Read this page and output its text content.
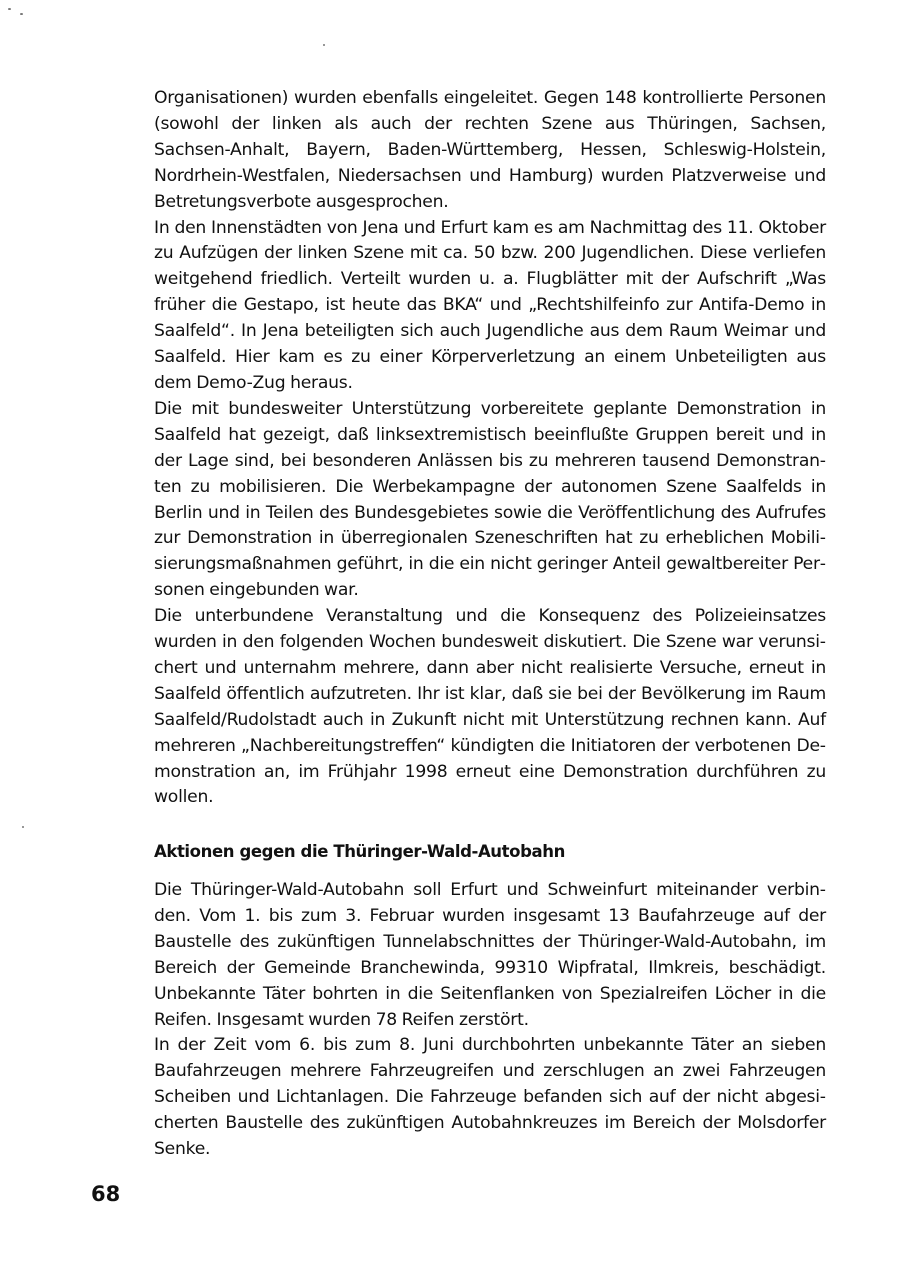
Organisationen) wurden ebenfalls eingeleitet. Gegen 148 kontrollierte Personen (sowohl der linken als auch der rechten Szene aus Thüringen, Sachsen, Sachsen-Anhalt, Bayern, Baden-Württemberg, Hessen, Schleswig-Holstein, Nordrhein-Westfalen, Niedersachsen und Hamburg) wurden Platzverweise und Betretungsverbote ausgesprochen.

In den Innenstädten von Jena und Erfurt kam es am Nachmittag des 11. Oktober zu Aufzügen der linken Szene mit ca. 50 bzw. 200 Jugendlichen. Diese verliefen weitgehend friedlich. Verteilt wurden u. a. Flugblätter mit der Aufschrift „Was früher die Gestapo, ist heute das BKA“ und „Rechtshilfeinfo zur Antifa-Demo in Saalfeld“. In Jena beteiligten sich auch Jugendliche aus dem Raum Weimar und Saalfeld. Hier kam es zu einer Körperverletzung an einem Unbeteiligten aus dem Demo-Zug heraus.

Die mit bundesweiter Unterstützung vorbereitete geplante Demonstration in Saalfeld hat gezeigt, daß linksextremistisch beeinflußte Gruppen bereit und in der Lage sind, bei besonderen Anlässen bis zu mehreren tausend Demonstranten zu mobilisieren. Die Werbekampagne der autonomen Szene Saalfelds in Berlin und in Teilen des Bundesgebietes sowie die Veröffentlichung des Aufrufes zur Demonstration in überregionalen Szeneschriften hat zu erheblichen Mobilisierungsmaßnahmen geführt, in die ein nicht geringer Anteil gewaltbereiter Personen eingebunden war.

Die unterbundene Veranstaltung und die Konsequenz des Polizeieinsatzes wurden in den folgenden Wochen bundesweit diskutiert. Die Szene war verunsichert und unternahm mehrere, dann aber nicht realisierte Versuche, erneut in Saalfeld öffentlich aufzutreten. Ihr ist klar, daß sie bei der Bevölkerung im Raum Saalfeld/Rudolstadt auch in Zukunft nicht mit Unterstützung rechnen kann. Auf mehreren „Nachbereitungstreffen“ kündigten die Initiatoren der verbotenen Demonstration an, im Frühjahr 1998 erneut eine Demonstration durchführen zu wollen.

Aktionen gegen die Thüringer-Wald-Autobahn

Die Thüringer-Wald-Autobahn soll Erfurt und Schweinfurt miteinander verbinden. Vom 1. bis zum 3. Februar wurden insgesamt 13 Baufahrzeuge auf der Baustelle des zukünftigen Tunnelabschnittes der Thüringer-Wald-Autobahn, im Bereich der Gemeinde Branchewinda, 99310 Wipfratal, Ilmkreis, beschädigt. Unbekannte Täter bohrten in die Seitenflanken von Spezialreifen Löcher in die Reifen. Insgesamt wurden 78 Reifen zerstört.

In der Zeit vom 6. bis zum 8. Juni durchbohrten unbekannte Täter an sieben Baufahrzeugen mehrere Fahrzeugreifen und zerschlugen an zwei Fahrzeugen Scheiben und Lichtanlagen. Die Fahrzeuge befanden sich auf der nicht abgesicherten Baustelle des zukünftigen Autobahnkreuzes im Bereich der Molsdorfer Senke.

68
